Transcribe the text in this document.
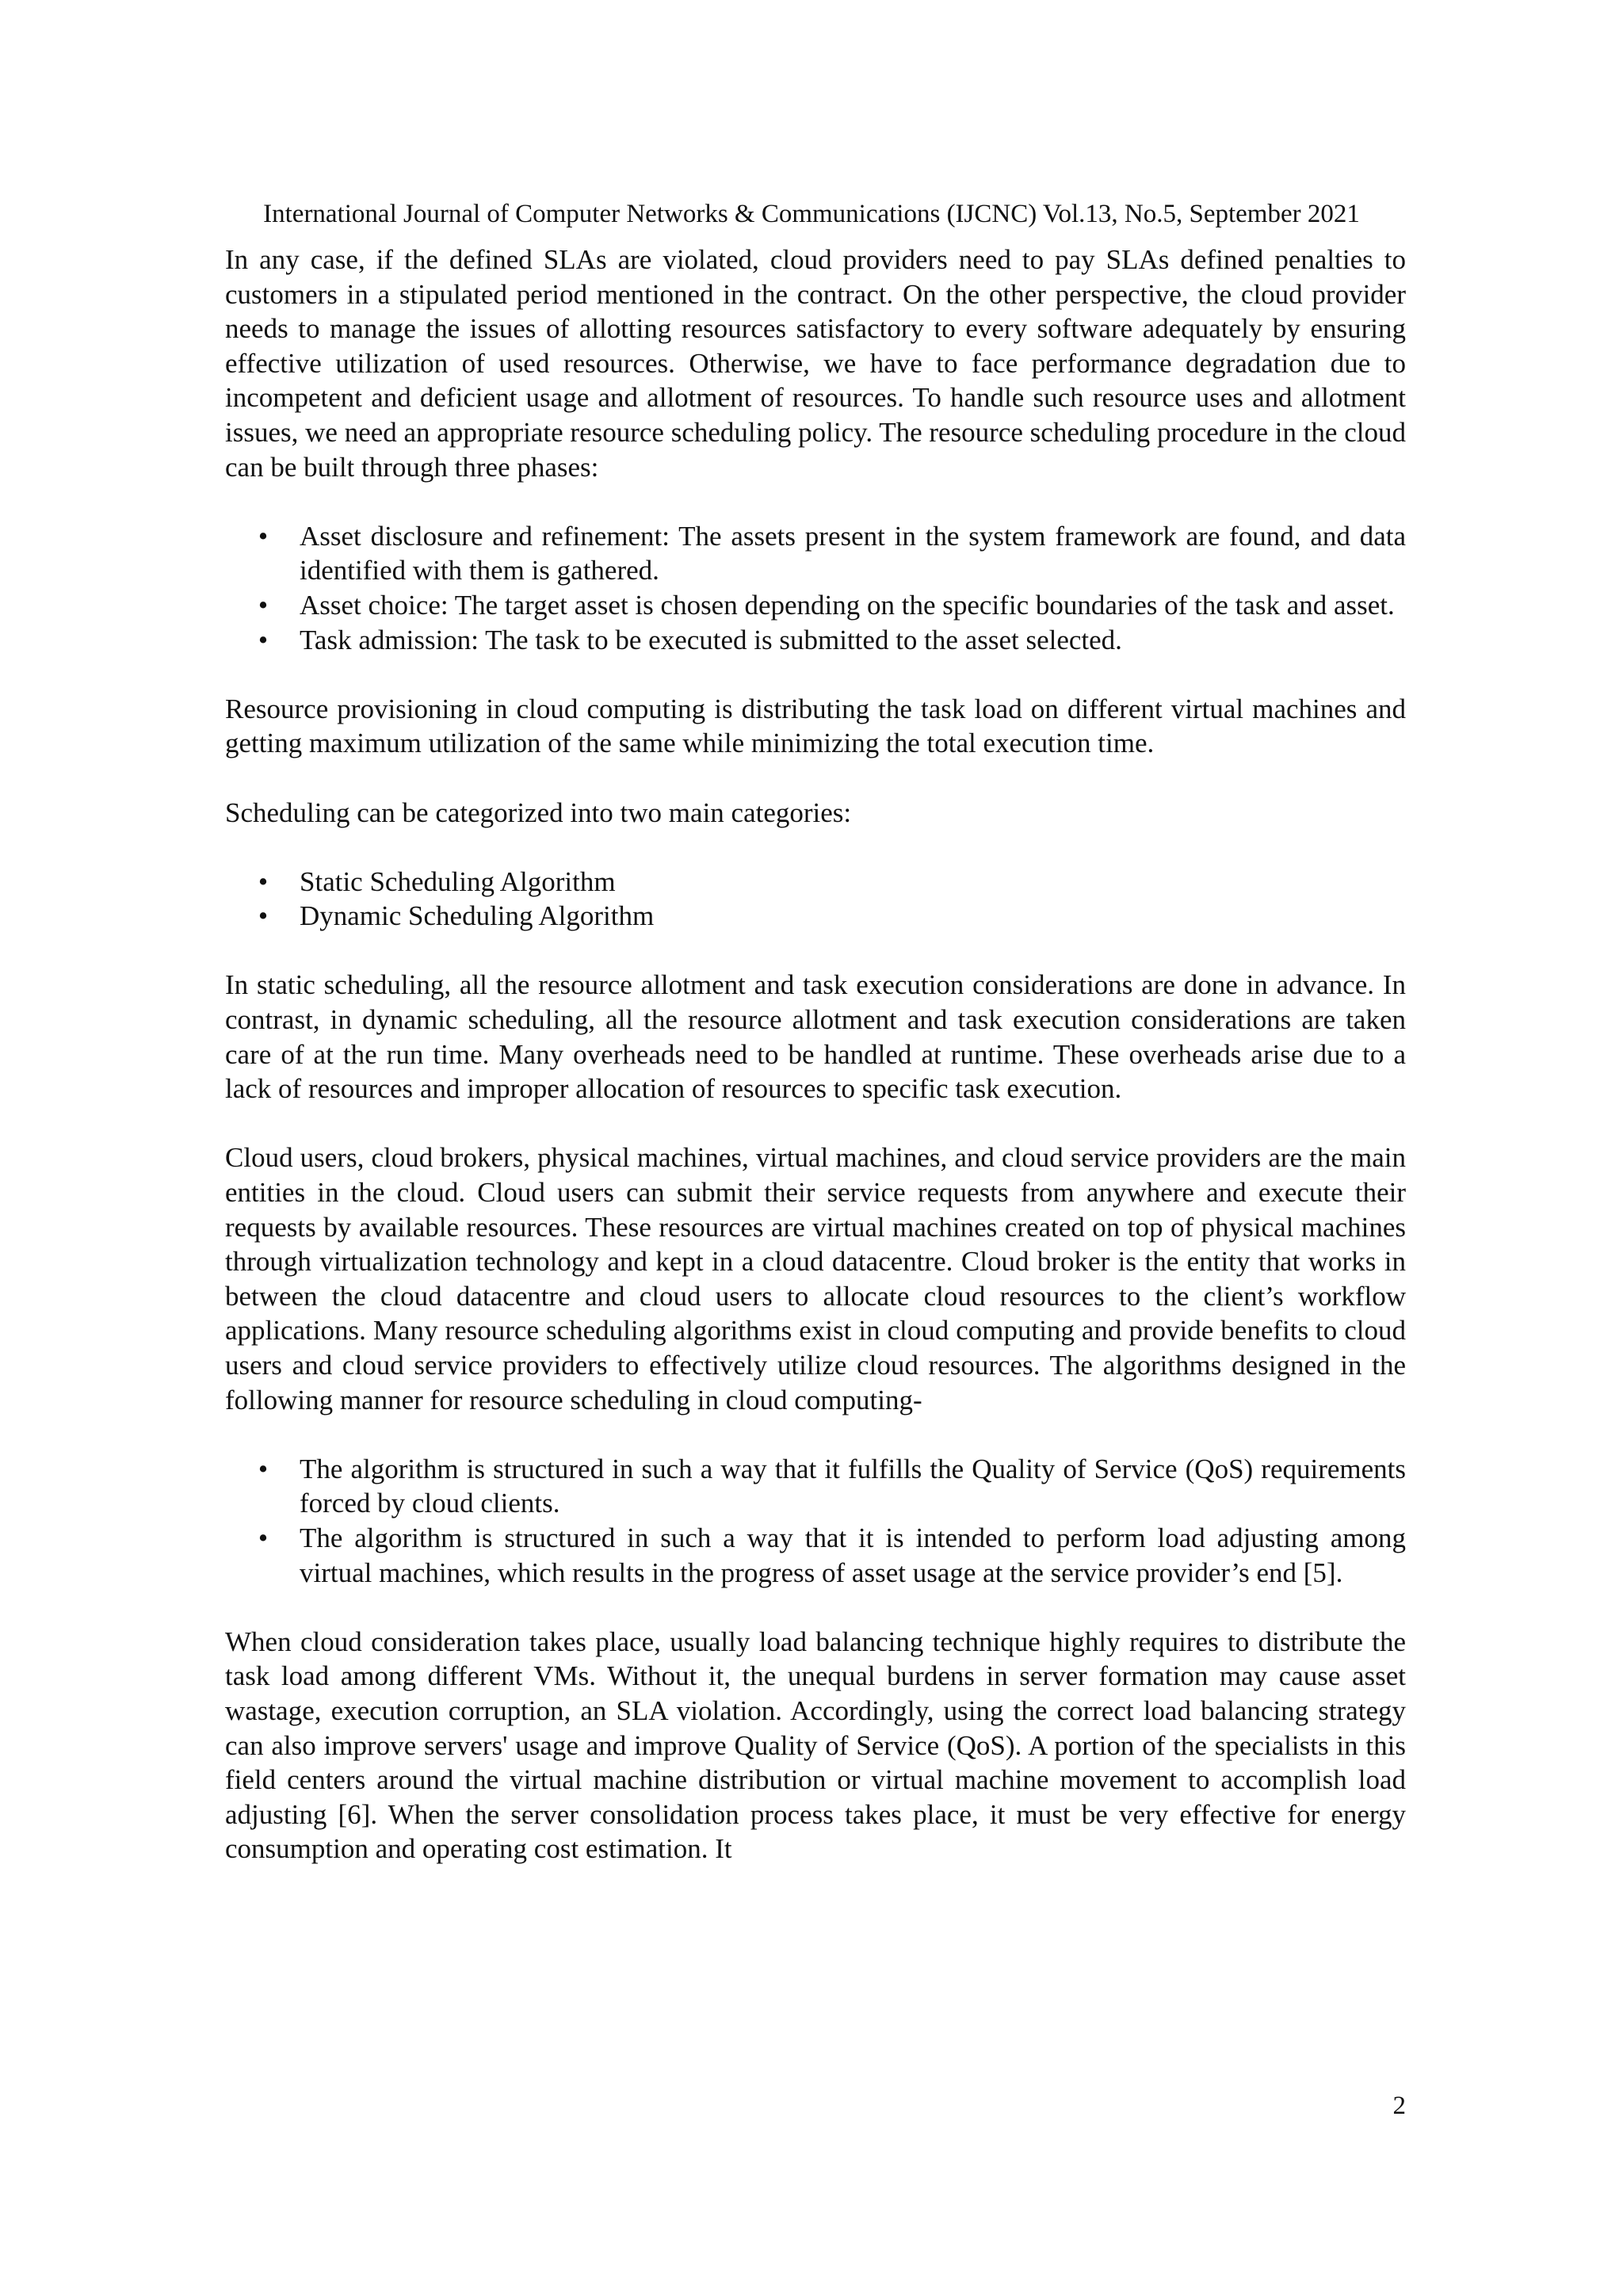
International Journal of Computer Networks & Communications (IJCNC) Vol.13, No.5, September 2021

In any case, if the defined SLAs are violated, cloud providers need to pay SLAs defined penalties to customers in a stipulated period mentioned in the contract. On the other perspective, the cloud provider needs to manage the issues of allotting resources satisfactory to every software adequately by ensuring effective utilization of used resources. Otherwise, we have to face performance degradation due to incompetent and deficient usage and allotment of resources. To handle such resource uses and allotment issues, we need an appropriate resource scheduling policy. The resource scheduling procedure in the cloud can be built through three phases:

• Asset disclosure and refinement: The assets present in the system framework are found, and data identified with them is gathered.
• Asset choice: The target asset is chosen depending on the specific boundaries of the task and asset.
• Task admission: The task to be executed is submitted to the asset selected.

Resource provisioning in cloud computing is distributing the task load on different virtual machines and getting maximum utilization of the same while minimizing the total execution time.

Scheduling can be categorized into two main categories:

• Static Scheduling Algorithm
• Dynamic Scheduling Algorithm

In static scheduling, all the resource allotment and task execution considerations are done in advance. In contrast, in dynamic scheduling, all the resource allotment and task execution considerations are taken care of at the run time. Many overheads need to be handled at runtime. These overheads arise due to a lack of resources and improper allocation of resources to specific task execution.

Cloud users, cloud brokers, physical machines, virtual machines, and cloud service providers are the main entities in the cloud. Cloud users can submit their service requests from anywhere and execute their requests by available resources. These resources are virtual machines created on top of physical machines through virtualization technology and kept in a cloud datacentre. Cloud broker is the entity that works in between the cloud datacentre and cloud users to allocate cloud resources to the client’s workflow applications. Many resource scheduling algorithms exist in cloud computing and provide benefits to cloud users and cloud service providers to effectively utilize cloud resources. The algorithms designed in the following manner for resource scheduling in cloud computing-

• The algorithm is structured in such a way that it fulfills the Quality of Service (QoS) requirements forced by cloud clients.
• The algorithm is structured in such a way that it is intended to perform load adjusting among virtual machines, which results in the progress of asset usage at the service provider’s end [5].

When cloud consideration takes place, usually load balancing technique highly requires to distribute the task load among different VMs. Without it, the unequal burdens in server formation may cause asset wastage, execution corruption, an SLA violation. Accordingly, using the correct load balancing strategy can also improve servers' usage and improve Quality of Service (QoS). A portion of the specialists in this field centers around the virtual machine distribution or virtual machine movement to accomplish load adjusting [6]. When the server consolidation process takes place, it must be very effective for energy consumption and operating cost estimation. It

2
